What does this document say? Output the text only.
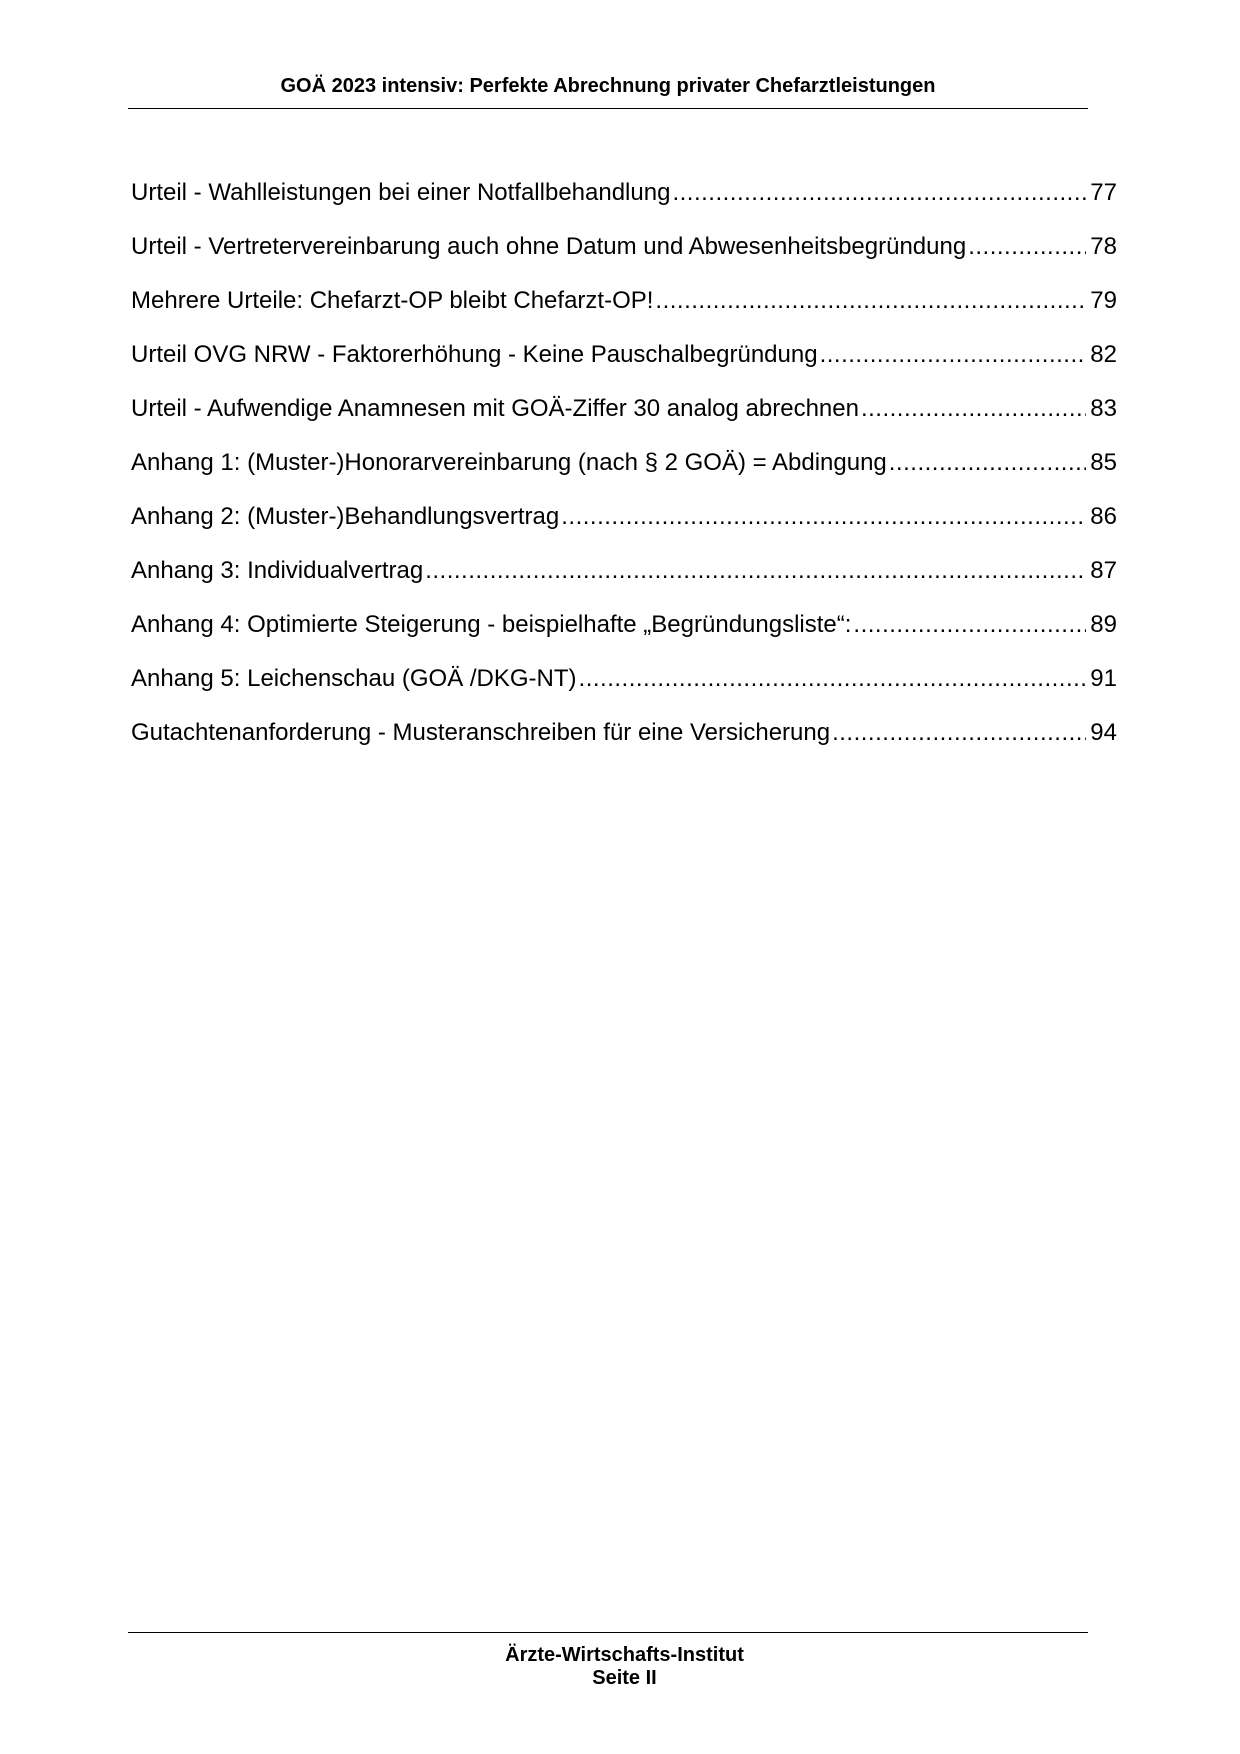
GOÄ 2023 intensiv: Perfekte Abrechnung privater Chefarztleistungen
Urteil - Wahlleistungen bei einer Notfallbehandlung .....	77
Urteil - Vertretervereinbarung auch ohne Datum und Abwesenheitsbegründung .....	78
Mehrere Urteile: Chefarzt-OP bleibt Chefarzt-OP! .....	79
Urteil OVG NRW - Faktorerhöhung - Keine Pauschalbegründung .....	82
Urteil - Aufwendige Anamnesen mit GOÄ-Ziffer 30 analog abrechnen .....	83
Anhang 1: (Muster-)Honorarvereinbarung (nach § 2 GOÄ) = Abdingung .....	85
Anhang 2: (Muster-)Behandlungsvertrag .....	86
Anhang 3: Individualvertrag .....	87
Anhang 4: Optimierte Steigerung - beispielhafte „Begründungsliste“: .....	89
Anhang 5: Leichenschau (GOÄ /DKG-NT) .....	91
Gutachtenanforderung - Musteranschreiben für eine Versicherung .....	94
Ärzte-Wirtschafts-Institut
Seite II
